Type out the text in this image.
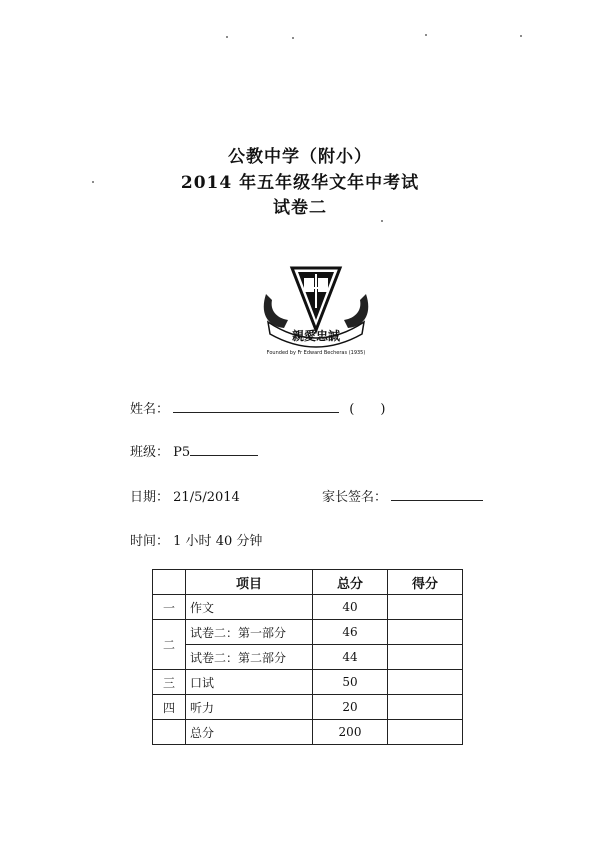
公教中学（附小）
2014 年五年级华文年中考试
试卷二
親愛忠誠
Founded by Fr Edward Becheras (1935)
姓名：	(　　)
班级： P5
日期： 21/5/2014	家长签名：
时间： 1 小时 40 分钟
	项目	总分	得分
一	作文	40	
二	试卷二：第一部分	46	
	试卷二：第二部分	44	
三	口试	50	
四	听力	20	
	总分	200	
